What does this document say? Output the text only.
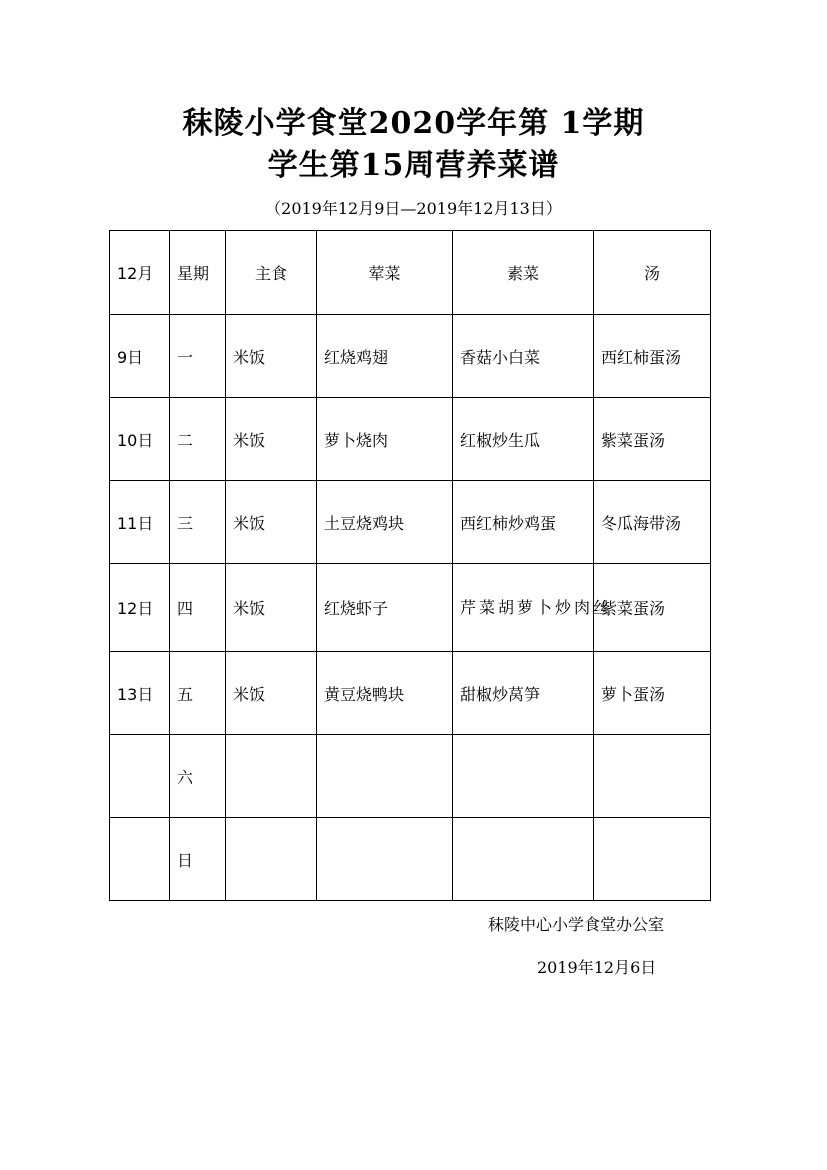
秣陵小学食堂2020学年第 1学期
学生第15周营养菜谱
（2019年12月9日—2019年12月13日）
12月	星期	主食	荤菜	素菜	汤
9日	一	米饭	红烧鸡翅	香菇小白菜	西红柿蛋汤
10日	二	米饭	萝卜烧肉	红椒炒生瓜	紫菜蛋汤
11日	三	米饭	土豆烧鸡块	西红柿炒鸡蛋	冬瓜海带汤
12日	四	米饭	红烧虾子	芹菜胡萝卜炒肉丝	紫菜蛋汤
13日	五	米饭	黄豆烧鸭块	甜椒炒莴笋	萝卜蛋汤
	六				
	日				
秣陵中心小学食堂办公室
2019年12月6日
